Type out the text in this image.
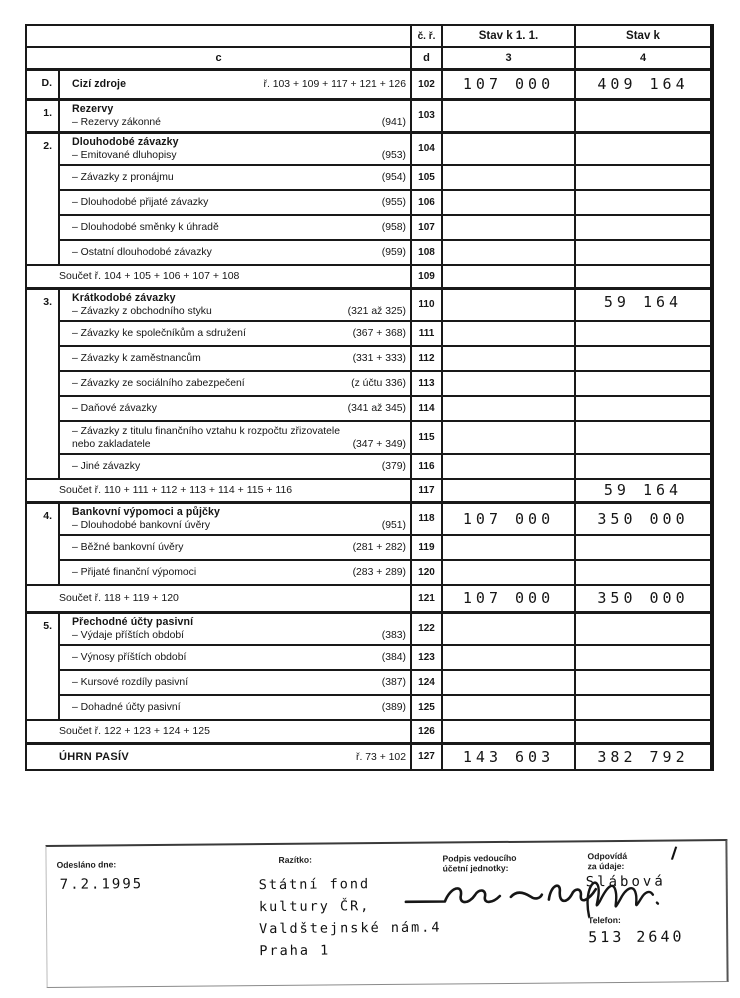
		č. ř.	Stav k 1. 1.	Stav k
c		d	3	4
D.	Cizí zdroje ř. 103 + 109 + 117 + 121 + 126	102	107 000	409 164
1.	Rezervy
– Rezervy zákonné (941)	103		
2.	Dlouhodobé závazky
– Emitované dluhopisy (953)	104		

	– Závazky z pronájmu (954)	105		

	– Dlouhodobé přijaté závazky (955)	106		

	– Dlouhodobé směnky k úhradě (958)	107		

	– Ostatní dlouhodobé závazky (959)	108		
Součet ř. 104 + 105 + 106 + 107 + 108		109		
3.	Krátkodobé závazky
– Závazky z obchodního styku (321 až 325)	110		59 164

	– Závazky ke společníkům a sdružení (367 + 368)	111		

	– Závazky k zaměstnancům (331 + 333)	112		

	– Závazky ze sociálního zabezpečení (z účtu 336)	113		

	– Daňové závazky (341 až 345)	114		

	– Závazky z titulu finančního vztahu k rozpočtu zřizovatele
nebo zakladatele (347 + 349)	115		

	– Jiné závazky (379)	116		
Součet ř. 110 + 111 + 112 + 113 + 114 + 115 + 116		117		59 164
4.	Bankovní výpomoci a půjčky
– Dlouhodobé bankovní úvěry (951)	118	107 000	350 000

	– Běžné bankovní úvěry (281 + 282)	119		

	– Přijaté finanční výpomoci (283 + 289)	120		
Součet ř. 118 + 119 + 120		121	107 000	350 000
5.	Přechodné účty pasivní
– Výdaje příštích období (383)	122		

	– Výnosy příštích období (384)	123		

	– Kursové rozdíly pasivní (387)	124		

	– Dohadné účty pasivní (389)	125		
Součet ř. 122 + 123 + 124 + 125		126		

ÚHRN PASÍV ř. 73 + 102		127	143 603	382 792
Odesláno dne:
7.2.1995
Razítko:
Státní fond
kultury ČR,
Valdštejnské nám.4
Praha 1
Podpis vedoucího
účetní jednotky:
Odpovídá
za údaje:
Slábová
/
Telefon:
513 2640
